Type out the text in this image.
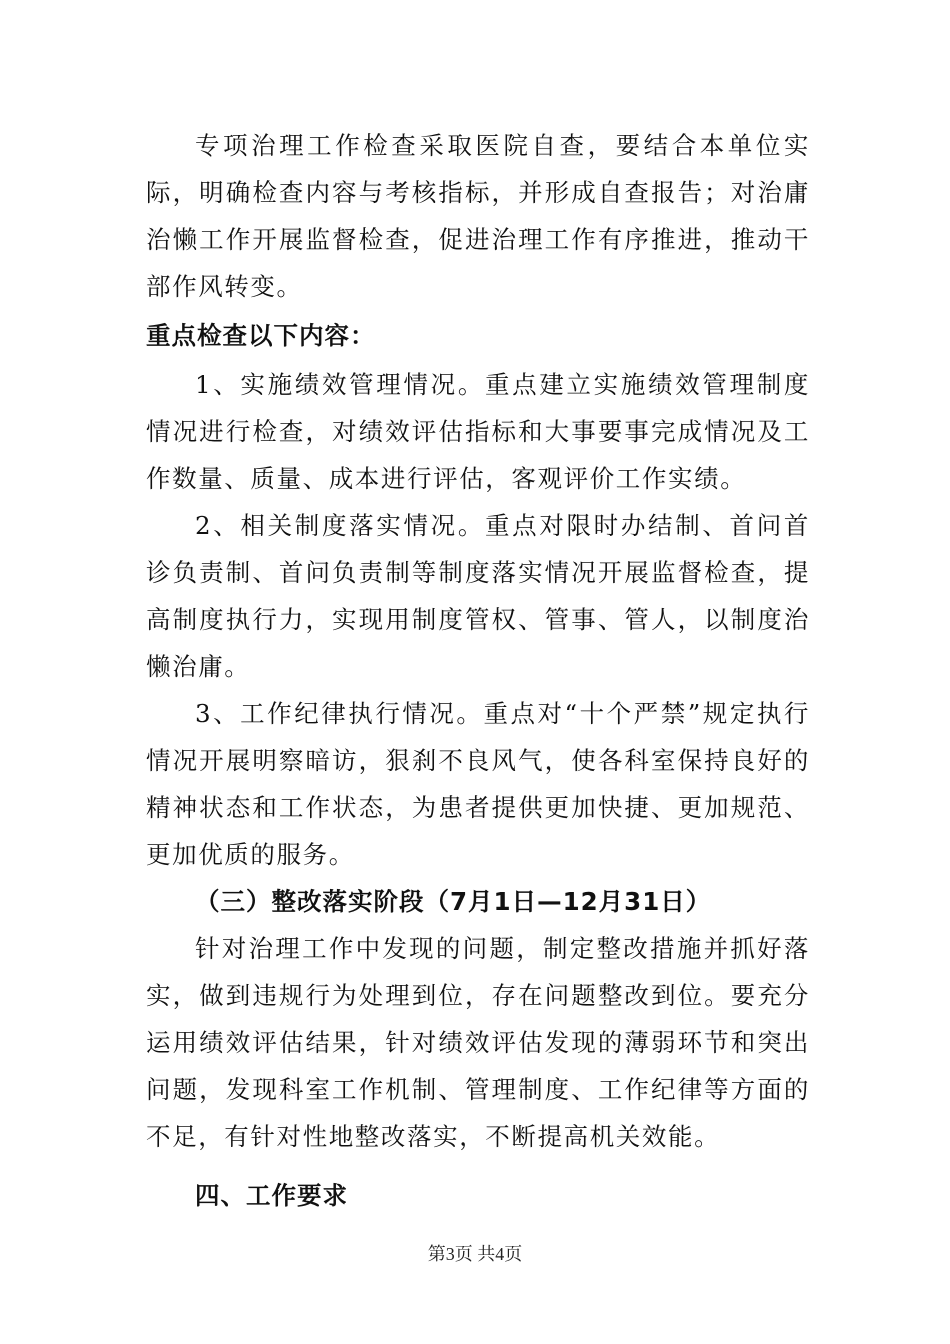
专项治理工作检查采取医院自查，要结合本单位实际，明确检查内容与考核指标，并形成自查报告；对治庸治懒工作开展监督检查，促进治理工作有序推进，推动干部作风转变。

重点检查以下内容：

1、实施绩效管理情况。重点建立实施绩效管理制度情况进行检查，对绩效评估指标和大事要事完成情况及工作数量、质量、成本进行评估，客观评价工作实绩。

2、相关制度落实情况。重点对限时办结制、首问首诊负责制、首问负责制等制度落实情况开展监督检查，提高制度执行力，实现用制度管权、管事、管人，以制度治懒治庸。

3、工作纪律执行情况。重点对“十个严禁”规定执行情况开展明察暗访，狠刹不良风气，使各科室保持良好的精神状态和工作状态，为患者提供更加快捷、更加规范、更加优质的服务。

（三）整改落实阶段（7月1日—12月31日）

针对治理工作中发现的问题，制定整改措施并抓好落实，做到违规行为处理到位，存在问题整改到位。要充分运用绩效评估结果，针对绩效评估发现的薄弱环节和突出问题，发现科室工作机制、管理制度、工作纪律等方面的不足，有针对性地整改落实，不断提高机关效能。

四、工作要求

第3页 共4页
